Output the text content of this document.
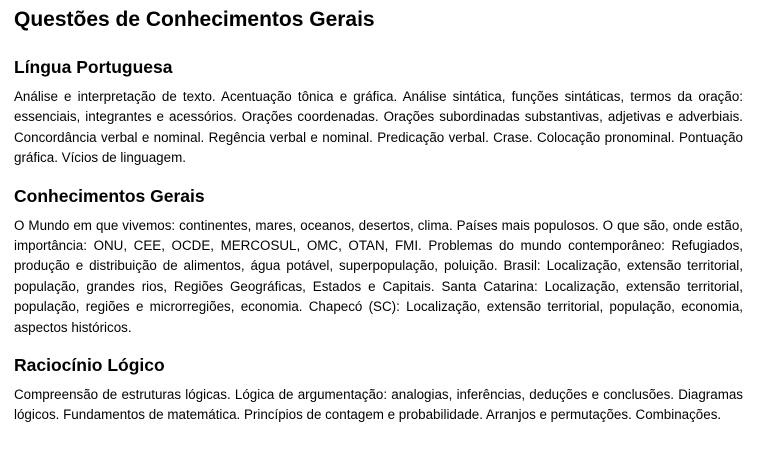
Questões de Conhecimentos Gerais
Língua Portuguesa

Análise e interpretação de texto. Acentuação tônica e gráfica. Análise sintática, funções sintáticas, termos da oração: essenciais, integrantes e acessórios. Orações coordenadas. Orações subordinadas substantivas, adjetivas e adverbiais. Concordância verbal e nominal. Regência verbal e nominal. Predicação verbal. Crase. Colocação pronominal. Pontuação gráfica. Vícios de linguagem.

Conhecimentos Gerais

O Mundo em que vivemos: continentes, mares, oceanos, desertos, clima. Países mais populosos. O que são, onde estão, importância: ONU, CEE, OCDE, MERCOSUL, OMC, OTAN, FMI. Problemas do mundo contemporâneo: Refugiados, produção e distribuição de alimentos, água potável, superpopulação, poluição. Brasil: Localização, extensão territorial, população, grandes rios, Regiões Geográficas, Estados e Capitais. Santa Catarina: Localização, extensão territorial, população, regiões e microrregiões, economia. Chapecó (SC): Localização, extensão territorial, população, economia, aspectos históricos.

Raciocínio Lógico

Compreensão de estruturas lógicas. Lógica de argumentação: analogias, inferências, deduções e conclusões. Diagramas lógicos. Fundamentos de matemática. Princípios de contagem e probabilidade. Arranjos e permutações. Combinações.
